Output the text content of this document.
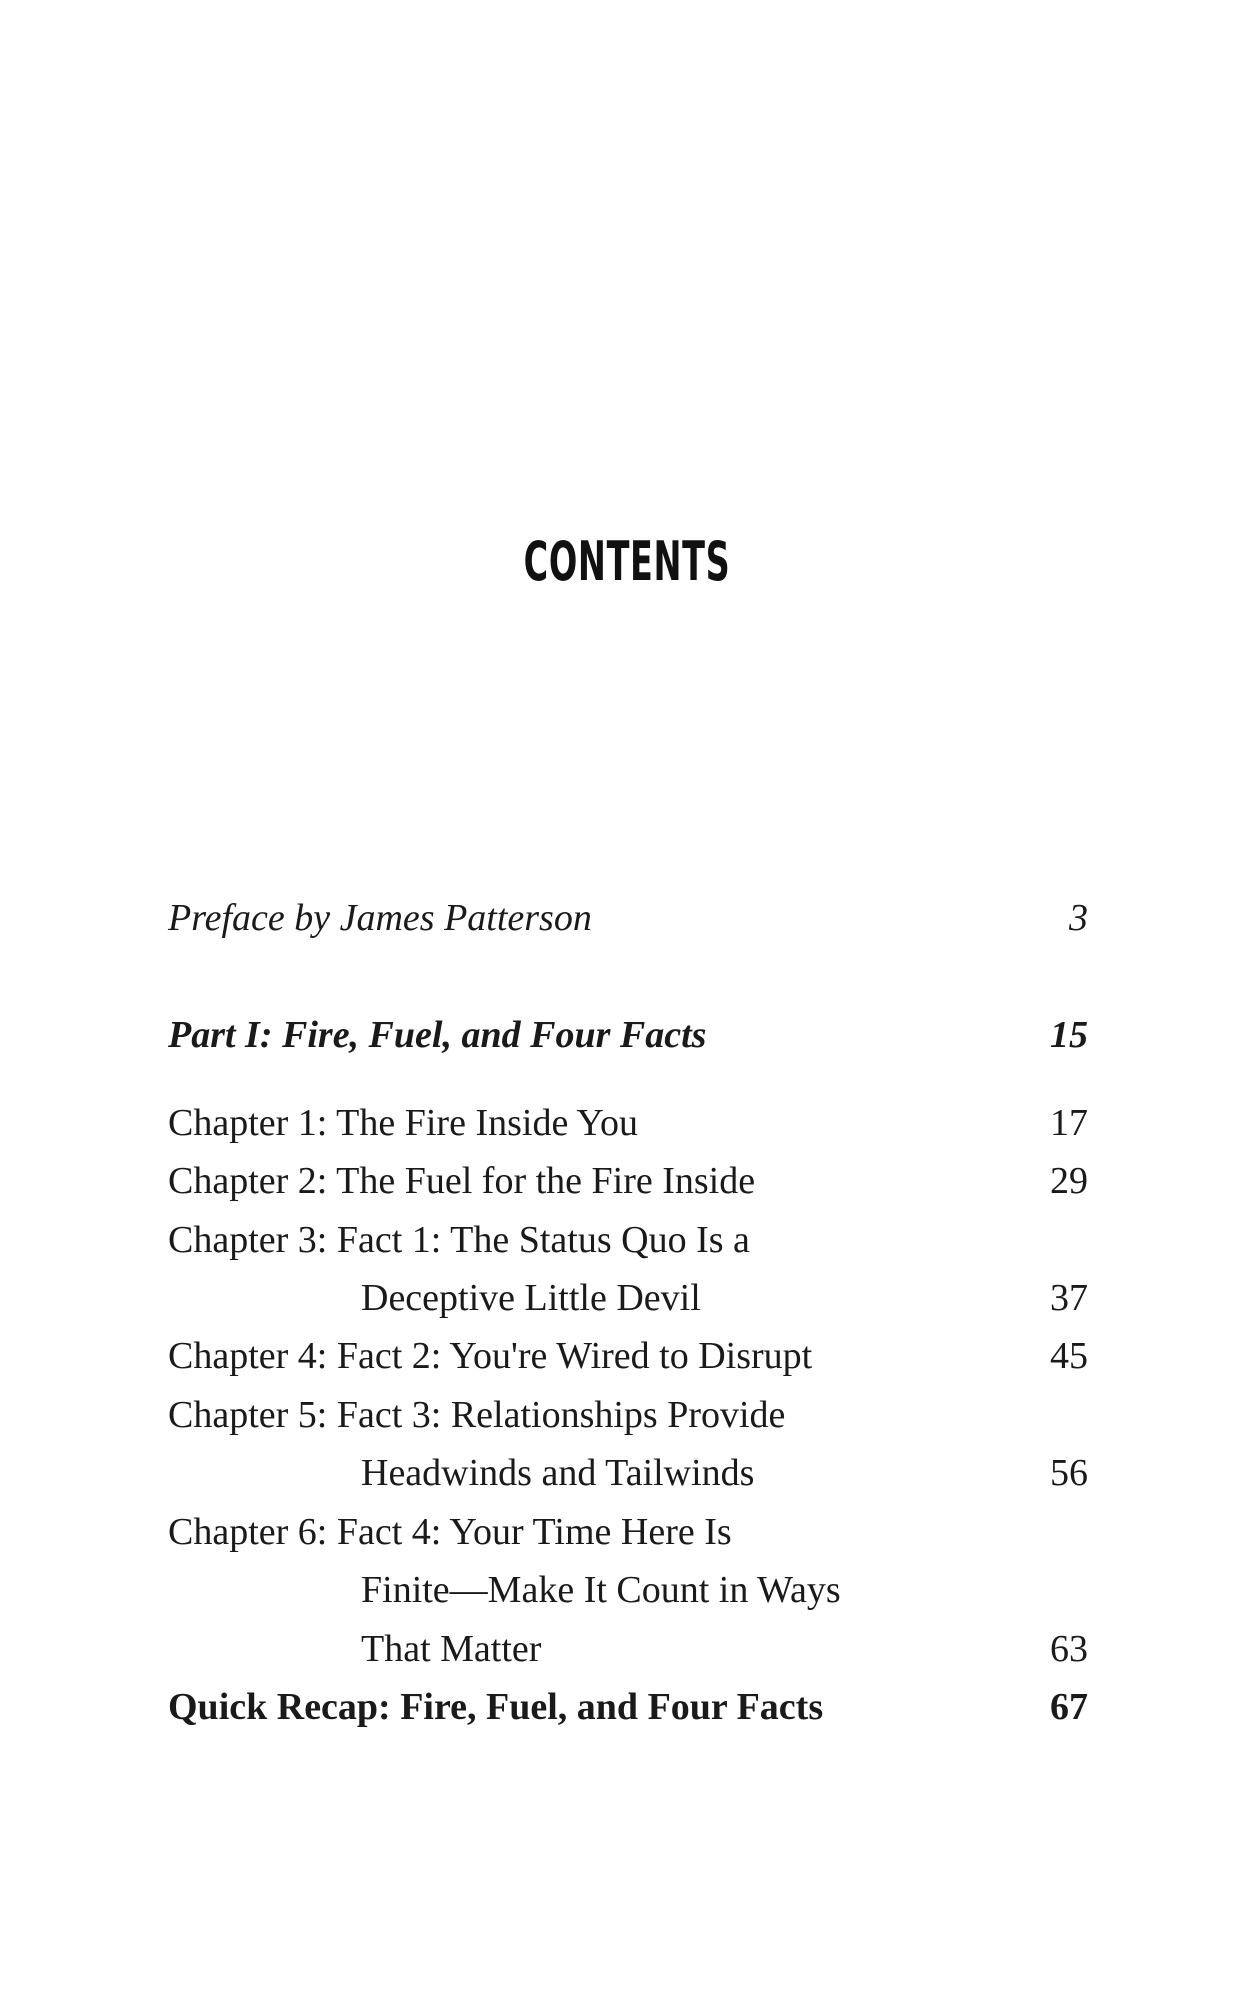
CONTENTS
Preface by James Patterson	3
Part I: Fire, Fuel, and Four Facts	15
Chapter 1: The Fire Inside You	17
Chapter 2: The Fuel for the Fire Inside	29
Chapter 3: Fact 1: The Status Quo Is a
Deceptive Little Devil	37
Chapter 4: Fact 2: You're Wired to Disrupt	45
Chapter 5: Fact 3: Relationships Provide
Headwinds and Tailwinds	56
Chapter 6: Fact 4: Your Time Here Is
Finite—Make It Count in Ways
That Matter	63
Quick Recap: Fire, Fuel, and Four Facts	67
